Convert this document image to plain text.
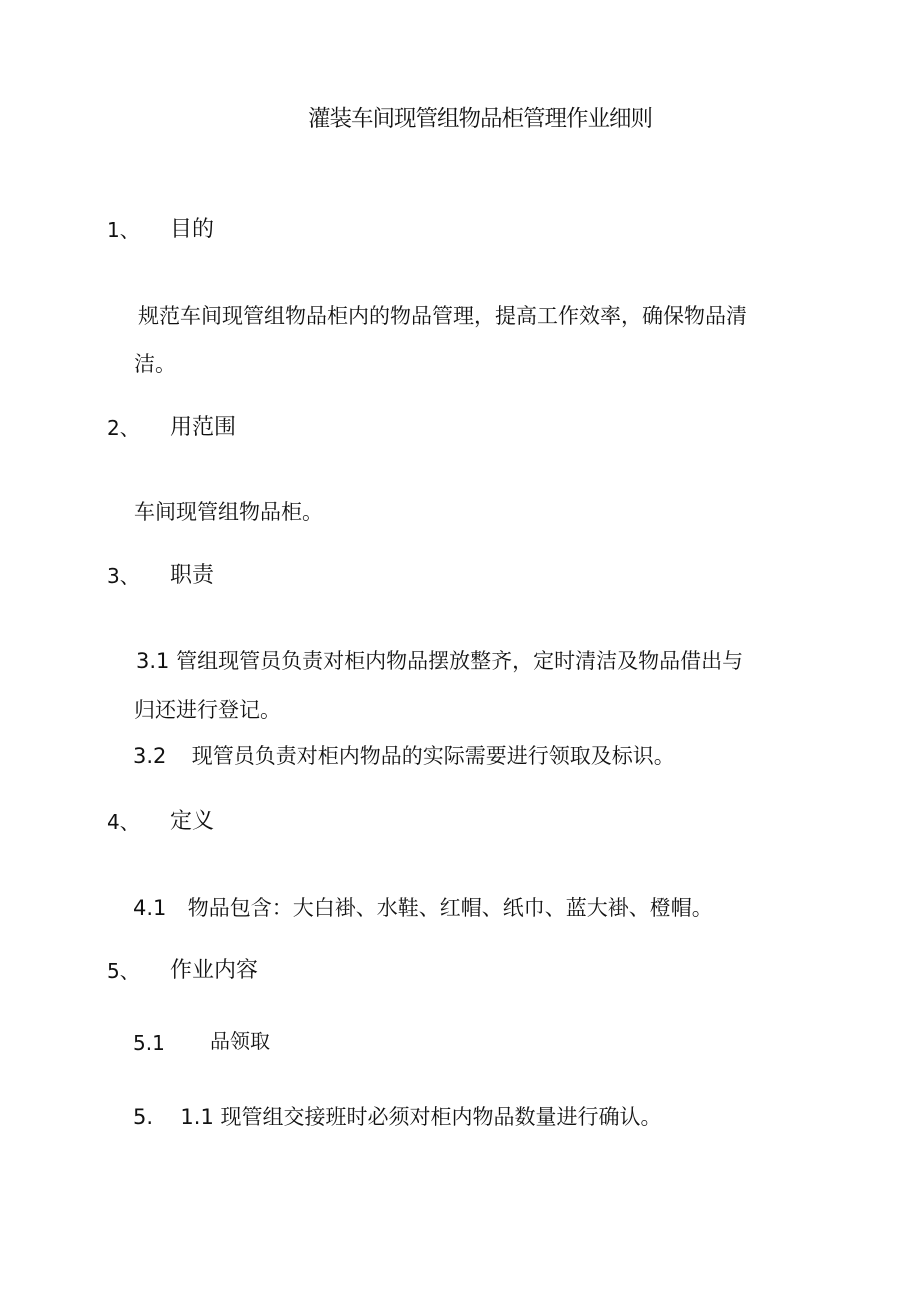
灌装车间现管组物品柜管理作业细则
1、 目的
规范车间现管组物品柜内的物品管理，提高工作效率，确保物品清
洁。
2、 用范围
车间现管组物品柜。
3、 职责
3.1 管组现管员负责对柜内物品摆放整齐，定时清洁及物品借出与
归还进行登记。
3.2 现管员负责对柜内物品的实际需要进行领取及标识。
4、 定义
4.1 物品包含：大白褂、水鞋、红帽、纸巾、蓝大褂、橙帽。
5、 作业内容
5.1 品领取
5. 1.1 现管组交接班时必须对柜内物品数量进行确认。
